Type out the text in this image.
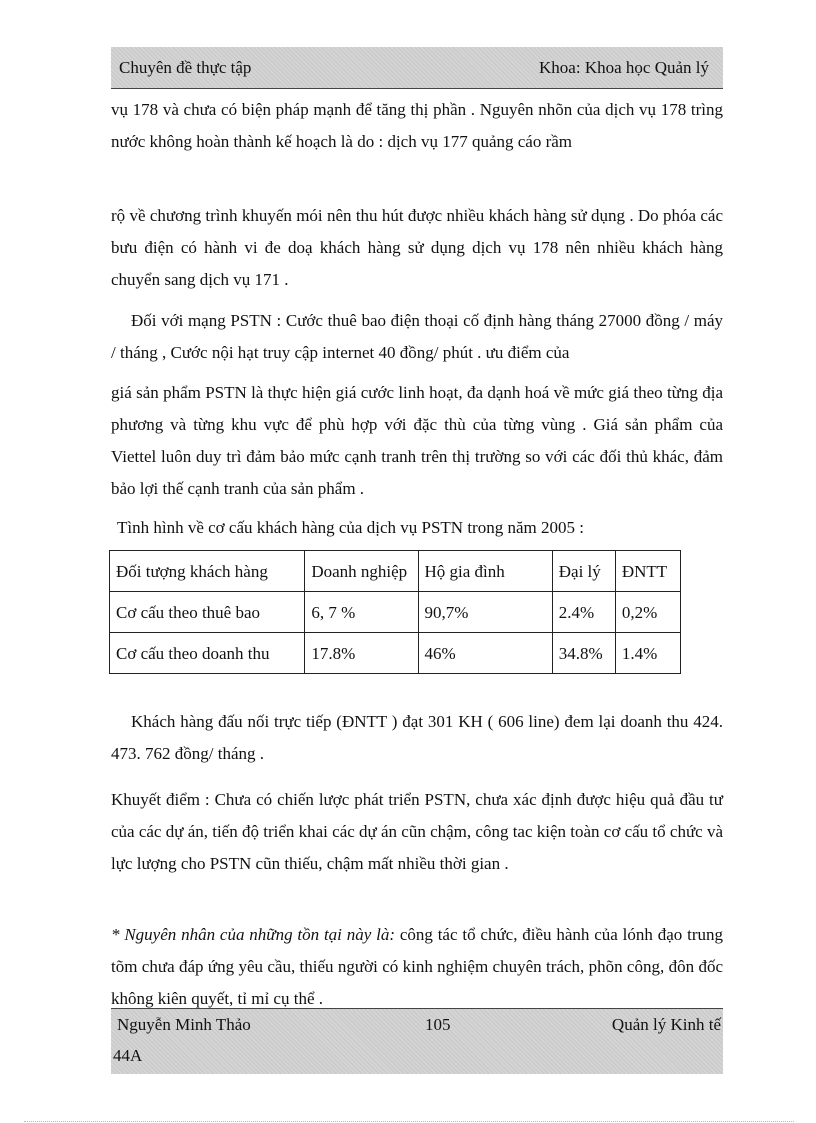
Chuyên đề thực tập	Khoa: Khoa học Quản lý

vụ 178 và chưa có biện pháp mạnh để tăng thị phần . Nguyên nhõn của dịch vụ 178 trìng nước không hoàn thành kế hoạch là do : dịch vụ 177 quảng cáo rầm

rộ về chương trình khuyến mói nên thu hút được nhiều khách hàng sử dụng . Do phóa các bưu điện có hành vi đe doạ khách hàng sử dụng dịch vụ 178 nên nhiều khách hàng chuyển sang dịch vụ 171 .

Đối với mạng PSTN : Cước thuê bao điện thoại cố định hàng tháng 27000 đồng / máy / tháng , Cước nội hạt truy cập internet 40 đồng/ phút . ưu điểm của

giá sản phẩm PSTN là thực hiện giá cước linh hoạt, đa dạnh hoá về mức giá theo từng địa phương và từng khu vực để phù hợp với đặc thù của từng vùng . Giá sản phẩm của Viettel luôn duy trì đảm bảo mức cạnh tranh trên thị trường so với các đối thủ khác, đảm bảo lợi thế cạnh tranh của sản phẩm .

Tình hình về cơ cấu khách hàng của dịch vụ PSTN trong năm 2005 :
Đối tượng khách hàng	Doanh nghiệp	Hộ gia đình	Đại lý	ĐNTT
Cơ cấu theo thuê bao	6, 7 %	90,7%	2.4%	0,2%
Cơ cấu theo doanh thu	17.8%	46%	34.8%	1.4%

Khách hàng đấu nối trực tiếp (ĐNTT ) đạt 301 KH ( 606 line) đem lại doanh thu 424. 473. 762 đồng/ tháng .

Khuyết điểm : Chưa có chiến lược phát triển PSTN, chưa xác định được hiệu quả đầu tư của các dự án, tiến độ triển khai các dự án cũn chậm, công tac kiện toàn cơ cấu tổ chức và lực lượng cho PSTN cũn thiếu, chậm mất nhiều thời gian .

* Nguyên nhân của những tồn tại này là: công tác tổ chức, điều hành của lónh đạo trung tõm chưa đáp ứng yêu cầu, thiếu người có kinh nghiệm chuyên trách, phõn công, đôn đốc không kiên quyết, tỉ mỉ cụ thể .

Nguyễn Minh Thảo	105	Quản lý Kinh tế
44A
